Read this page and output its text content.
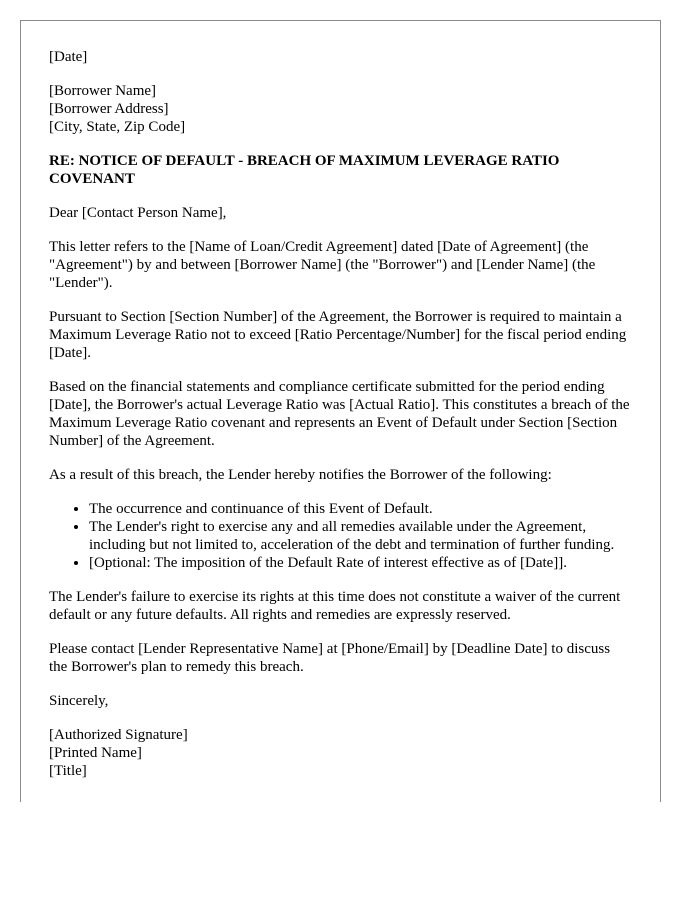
[Date]
[Borrower Name]
[Borrower Address]
[City, State, Zip Code]
RE: NOTICE OF DEFAULT - BREACH OF MAXIMUM LEVERAGE RATIO COVENANT

Dear [Contact Person Name],

This letter refers to the [Name of Loan/Credit Agreement] dated [Date of Agreement] (the "Agreement") by and between [Borrower Name] (the "Borrower") and [Lender Name] (the "Lender").

Pursuant to Section [Section Number] of the Agreement, the Borrower is required to maintain a Maximum Leverage Ratio not to exceed [Ratio Percentage/Number] for the fiscal period ending [Date].

Based on the financial statements and compliance certificate submitted for the period ending [Date], the Borrower's actual Leverage Ratio was [Actual Ratio]. This constitutes a breach of the Maximum Leverage Ratio covenant and represents an Event of Default under Section [Section Number] of the Agreement.

As a result of this breach, the Lender hereby notifies the Borrower of the following:

• The occurrence and continuance of this Event of Default.
• The Lender's right to exercise any and all remedies available under the Agreement, including but not limited to, acceleration of the debt and termination of further funding.
• [Optional: The imposition of the Default Rate of interest effective as of [Date]].

The Lender's failure to exercise its rights at this time does not constitute a waiver of the current default or any future defaults. All rights and remedies are expressly reserved.

Please contact [Lender Representative Name] at [Phone/Email] by [Deadline Date] to discuss the Borrower's plan to remedy this breach.

Sincerely,

[Authorized Signature]
[Printed Name]
[Title]
